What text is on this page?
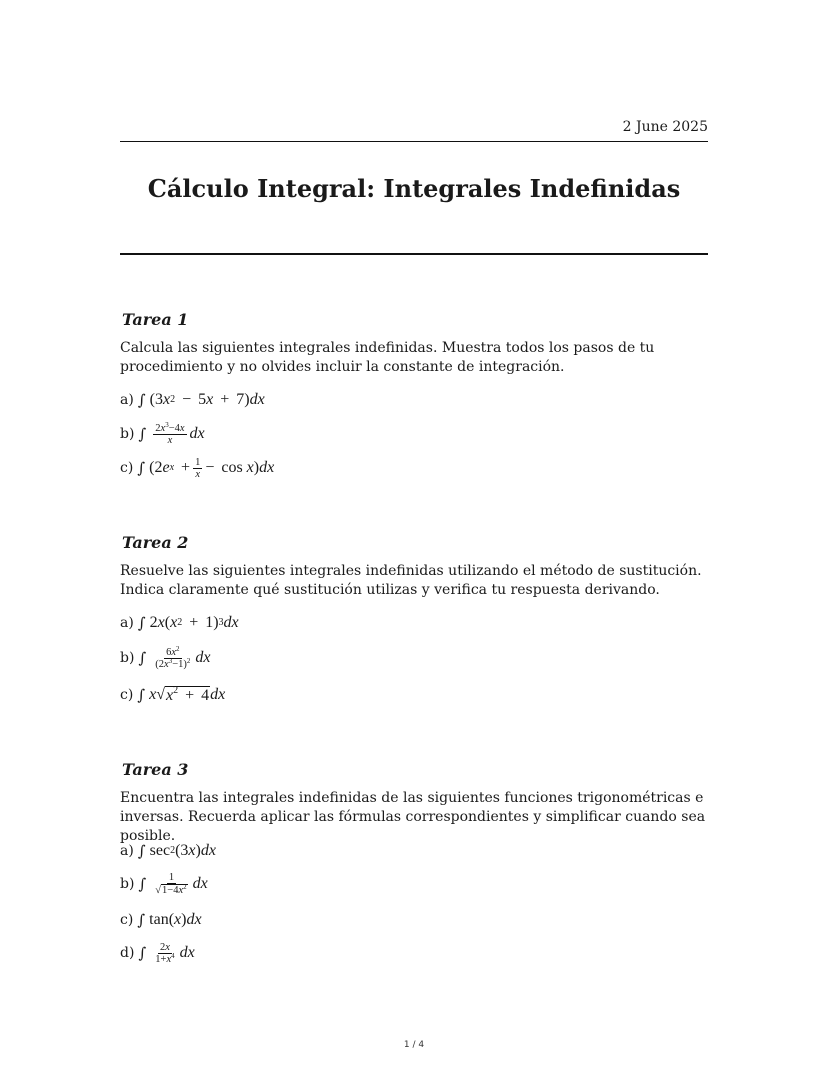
2 June 2025
Cálculo Integral: Integrales Indefinidas
Tarea 1
Calcula las siguientes integrales indefinidas. Muestra todos los pasos de tu procedimiento y no olvides incluir la constante de integración.
a) ∫ (3 x 2 − 5 x + 7) dx
b) ∫ $\frac{2x^3-4x}{x}$ dx
c) ∫ (2 e $x + \frac{1}{x} - \cos x$ ) dx
Tarea 2
Resuelve las siguientes integrales indefinidas utilizando el método de sustitución. Indica claramente qué sustitución utilizas y verifica tu respuesta derivando.
a) ∫ 2 x ( x 2 + 1) 3 dx
b) ∫ $\frac{6x^2}{(2x^3-1)^2}$ dx
c) ∫ x √ $x^2 + 4$ dx
Tarea 3
Encuentra las integrales indefinidas de las siguientes funciones trigonométricas e inversas. Recuerda aplicar las fórmulas correspondientes y simplificar cuando sea posible.
a) ∫ sec 2 (3 x ) dx
b) ∫ $\frac{1}{√ 1-4x^2}$ dx
c) ∫ tan( x ) dx
d) ∫ $\frac{2x}{1+x^4}$ dx
1 / 4
